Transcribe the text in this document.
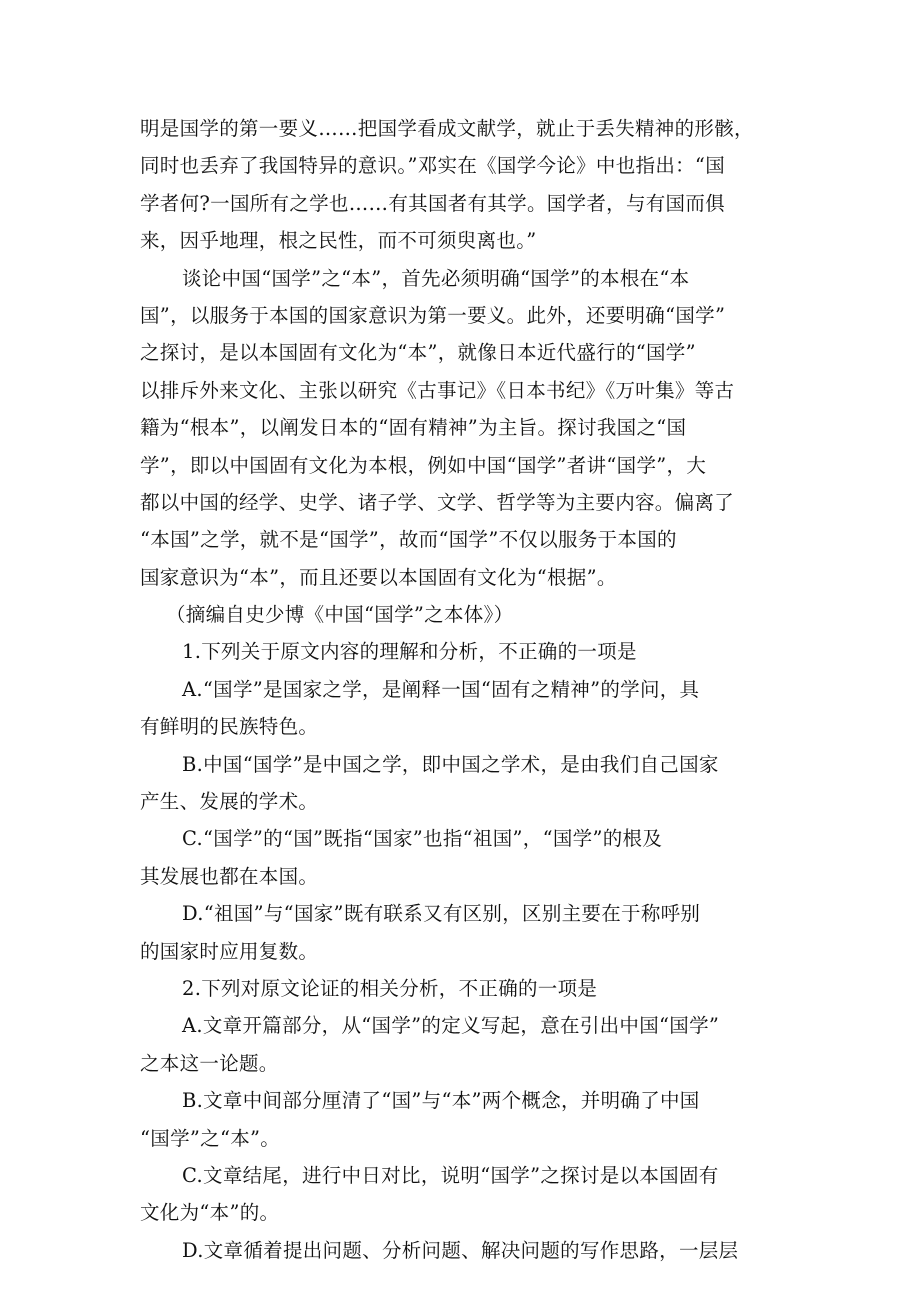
明是国学的第一要义……把国学看成文献学，就止于丢失精神的形骸，
同时也丢弃了我国特异的意识。”邓实在《国学今论》中也指出：“国
学者何?一国所有之学也……有其国者有其学。国学者，与有国而俱
来，因乎地理，根之民性，而不可须臾离也。”
谈论中国“国学”之“本”，首先必须明确“国学”的本根在“本
国”，以服务于本国的国家意识为第一要义。此外，还要明确“国学”
之探讨，是以本国固有文化为“本”，就像日本近代盛行的“国学”
以排斥外来文化、主张以研究《古事记》《日本书纪》《万叶集》等古
籍为“根本”，以阐发日本的“固有精神”为主旨。探讨我国之“国
学”，即以中国固有文化为本根，例如中国“国学”者讲“国学”，大
都以中国的经学、史学、诸子学、文学、哲学等为主要内容。偏离了
“本国”之学，就不是“国学”，故而“国学”不仅以服务于本国的
国家意识为“本”，而且还要以本国固有文化为“根据”。
（摘编自史少博《中国“国学”之本体》）
1.下列关于原文内容的理解和分析，不正确的一项是
A.“国学”是国家之学，是阐释一国“固有之精神”的学问，具
有鲜明的民族特色。
B.中国“国学”是中国之学，即中国之学术，是由我们自己国家
产生、发展的学术。
C.“国学”的“国”既指“国家”也指“祖国”，“国学”的根及
其发展也都在本国。
D.“祖国”与“国家”既有联系又有区别，区别主要在于称呼别
的国家时应用复数。
2.下列对原文论证的相关分析，不正确的一项是
A.文章开篇部分，从“国学”的定义写起，意在引出中国“国学”
之本这一论题。
B.文章中间部分厘清了“国”与“本”两个概念，并明确了中国
“国学”之“本”。
C.文章结尾，进行中日对比，说明“国学”之探讨是以本国固有
文化为“本”的。
D.文章循着提出问题、分析问题、解决问题的写作思路，一层层
